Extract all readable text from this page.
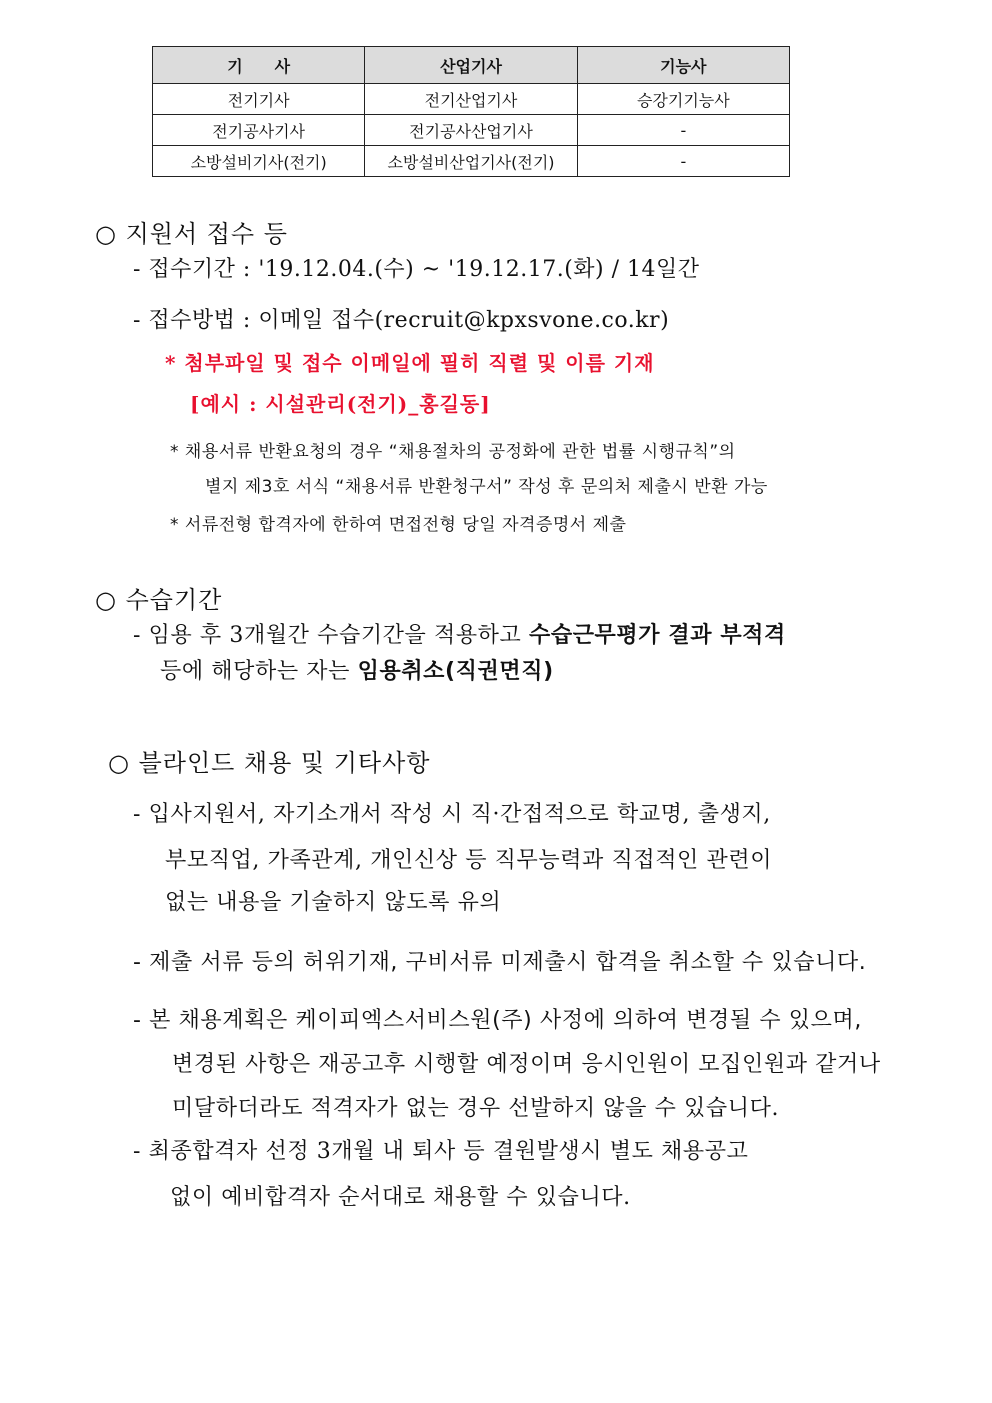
기　　사	산업기사	기능사
전기기사	전기산업기사	승강기기능사
전기공사기사	전기공사산업기사	-
소방설비기사(전기)	소방설비산업기사(전기)	-
○ 지원서 접수 등
- 접수기간 : '19.12.04.(수) ~ '19.12.17.(화) / 14일간
- 접수방법 : 이메일 접수(recruit@kpxsvone.co.kr)
* 첨부파일 및 접수 이메일에 필히 직렬 및 이름 기재
[예시 : 시설관리(전기)_홍길동]
* 채용서류 반환요청의 경우 “채용절차의 공정화에 관한 법률 시행규칙”의
별지 제3호 서식 “채용서류 반환청구서” 작성 후 문의처 제출시 반환 가능
* 서류전형 합격자에 한하여 면접전형 당일 자격증명서 제출
○ 수습기간
- 임용 후 3개월간 수습기간을 적용하고 수습근무평가 결과 부적격
등에 해당하는 자는 임용취소(직권면직)
○ 블라인드 채용 및 기타사항
- 입사지원서, 자기소개서 작성 시 직·간접적으로 학교명, 출생지,
부모직업, 가족관계, 개인신상 등 직무능력과 직접적인 관련이
없는 내용을 기술하지 않도록 유의
- 제출 서류 등의 허위기재, 구비서류 미제출시 합격을 취소할 수 있습니다.
- 본 채용계획은 케이피엑스서비스원(주) 사정에 의하여 변경될 수 있으며,
변경된 사항은 재공고후 시행할 예정이며 응시인원이 모집인원과 같거나
미달하더라도 적격자가 없는 경우 선발하지 않을 수 있습니다.
- 최종합격자 선정 3개월 내 퇴사 등 결원발생시 별도 채용공고
없이 예비합격자 순서대로 채용할 수 있습니다.
